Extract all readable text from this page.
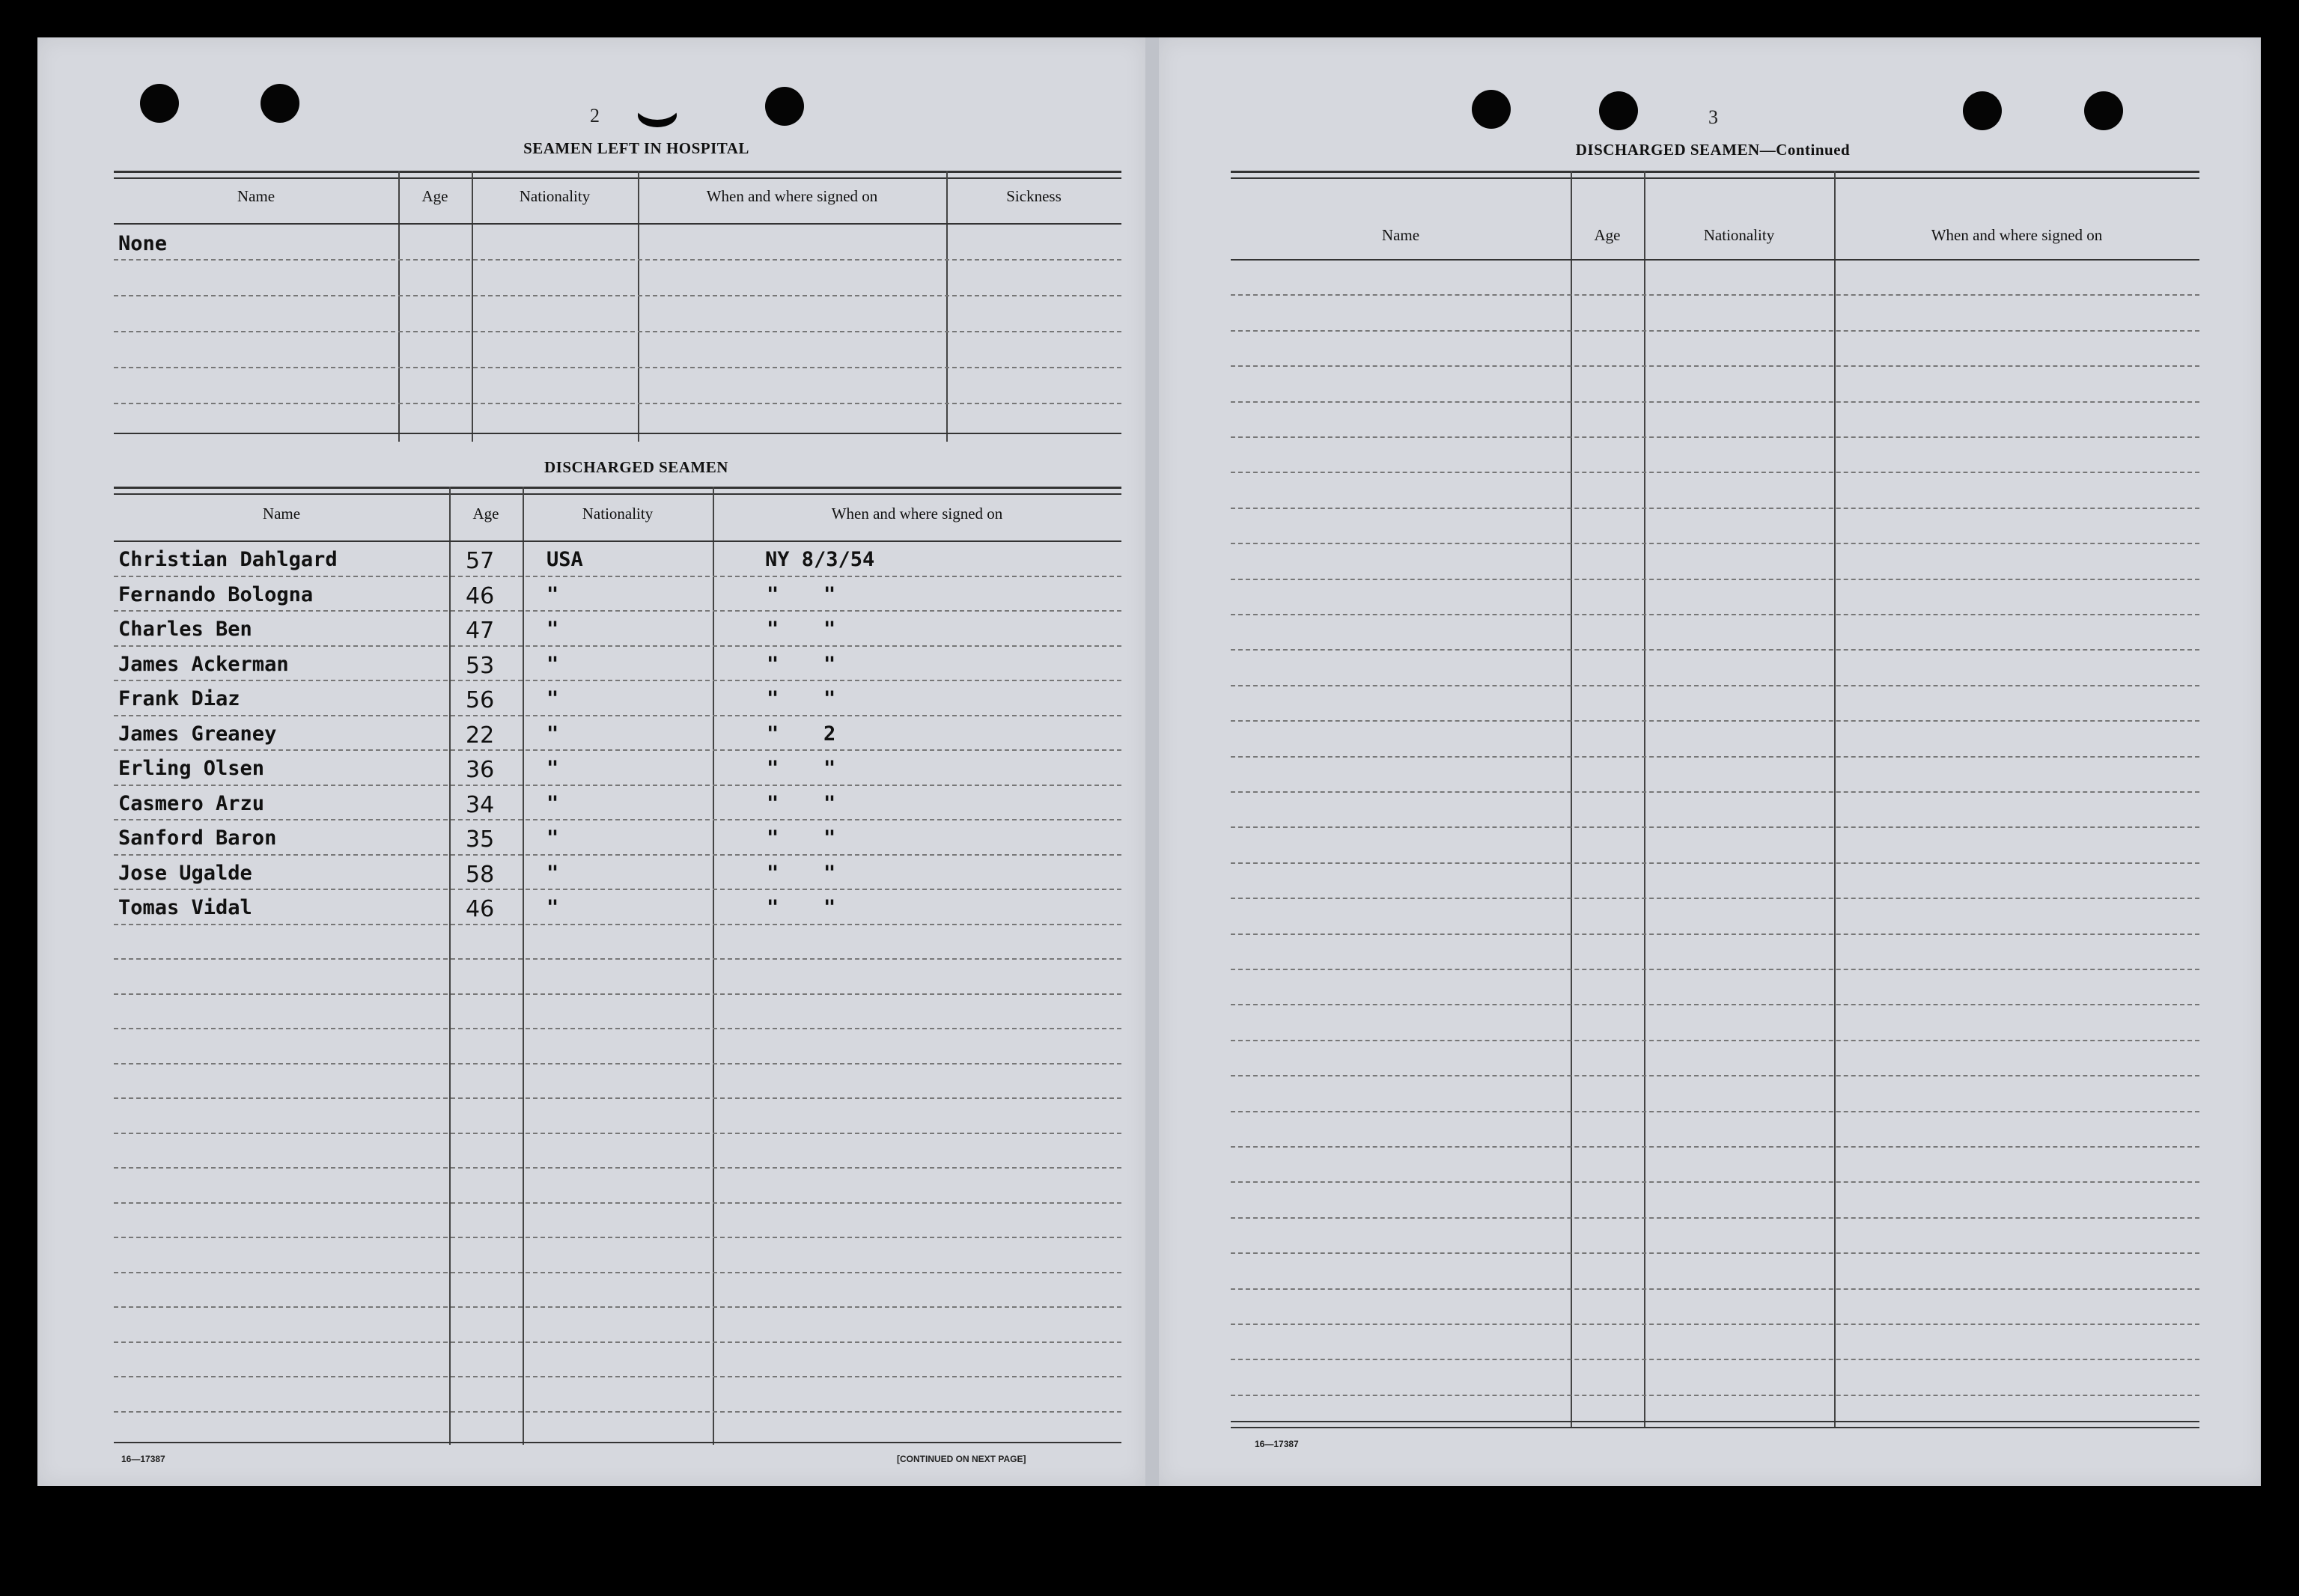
2
SEAMEN LEFT IN HOSPITAL
Name	Age	Nationality	When and where signed on	Sickness
None
DISCHARGED SEAMEN
Name	Age	Nationality	When and where signed on
Christian Dahlgard	57	USA	NY 8/3/54
Fernando Bologna	46	"	" "
Charles Ben	47	"	" "
James Ackerman	53	"	" "
Frank Diaz	56	"	" "
James Greaney	22	"	" 2
Erling Olsen	36	"	" "
Casmero Arzu	34	"	" "
Sanford Baron	35	"	" "
Jose Ugalde	58	"	" "
Tomas Vidal	46	"	" "
16—17387	[CONTINUED ON NEXT PAGE]
3
DISCHARGED SEAMEN—Continued
Name	Age	Nationality	When and where signed on
16—17387
